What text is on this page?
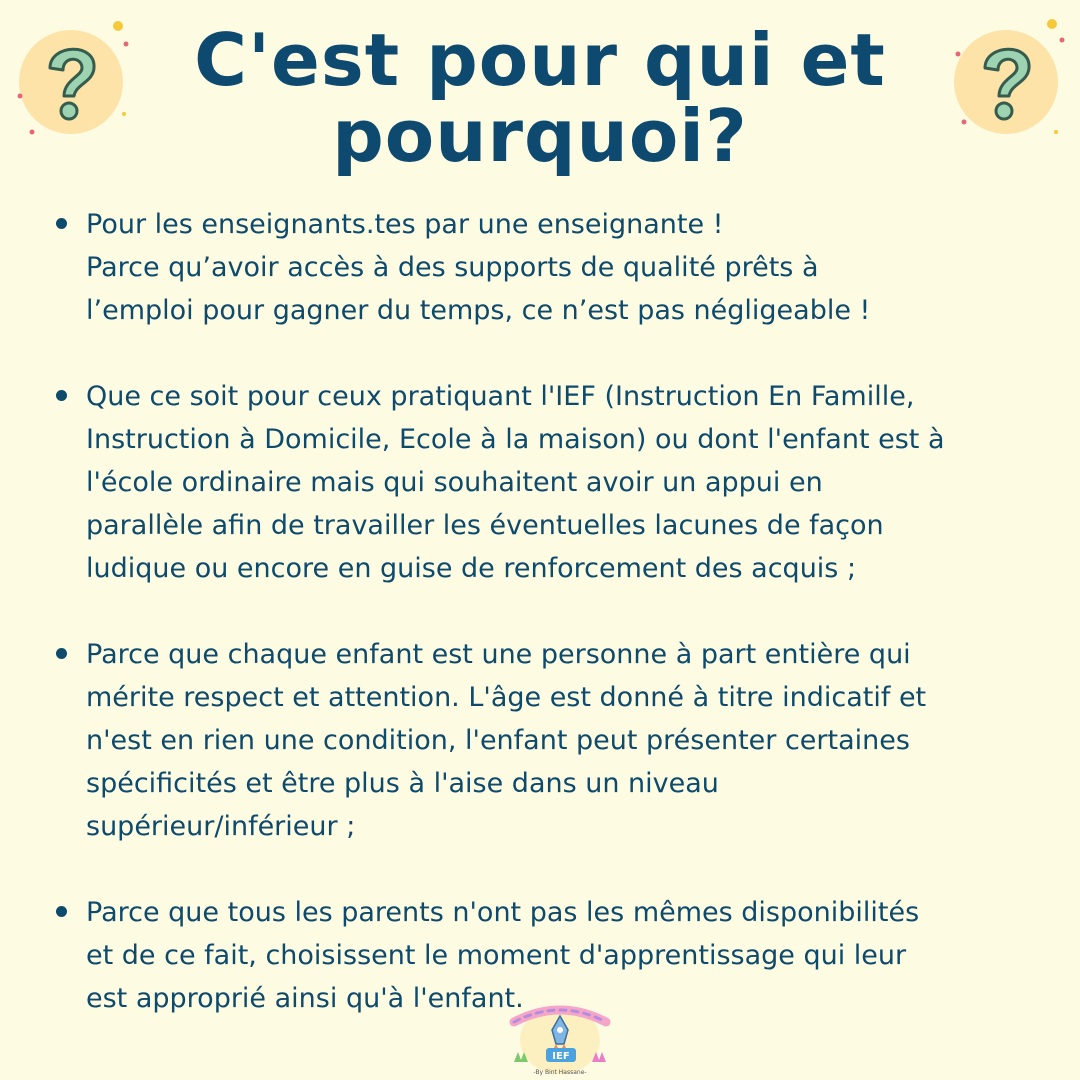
C'est pour qui et
pourquoi?
Pour les enseignants.tes par une enseignante !
Parce qu’avoir accès à des supports de qualité prêts à
l’emploi pour gagner du temps, ce n’est pas négligeable !
Que ce soit pour ceux pratiquant l'IEF (Instruction En Famille,
Instruction à Domicile, Ecole à la maison) ou dont l'enfant est à
l'école ordinaire mais qui souhaitent avoir un appui en
parallèle afin de travailler les éventuelles lacunes de façon
ludique ou encore en guise de renforcement des acquis ;
Parce que chaque enfant est une personne à part entière qui
mérite respect et attention. L'âge est donné à titre indicatif et
n'est en rien une condition, l'enfant peut présenter certaines
spécificités et être plus à l'aise dans un niveau
supérieur/inférieur ;
Parce que tous les parents n'ont pas les mêmes disponibilités
et de ce fait, choisissent le moment d'apprentissage qui leur
est approprié ainsi qu'à l'enfant.
IEF
-By Bint Hassane-
